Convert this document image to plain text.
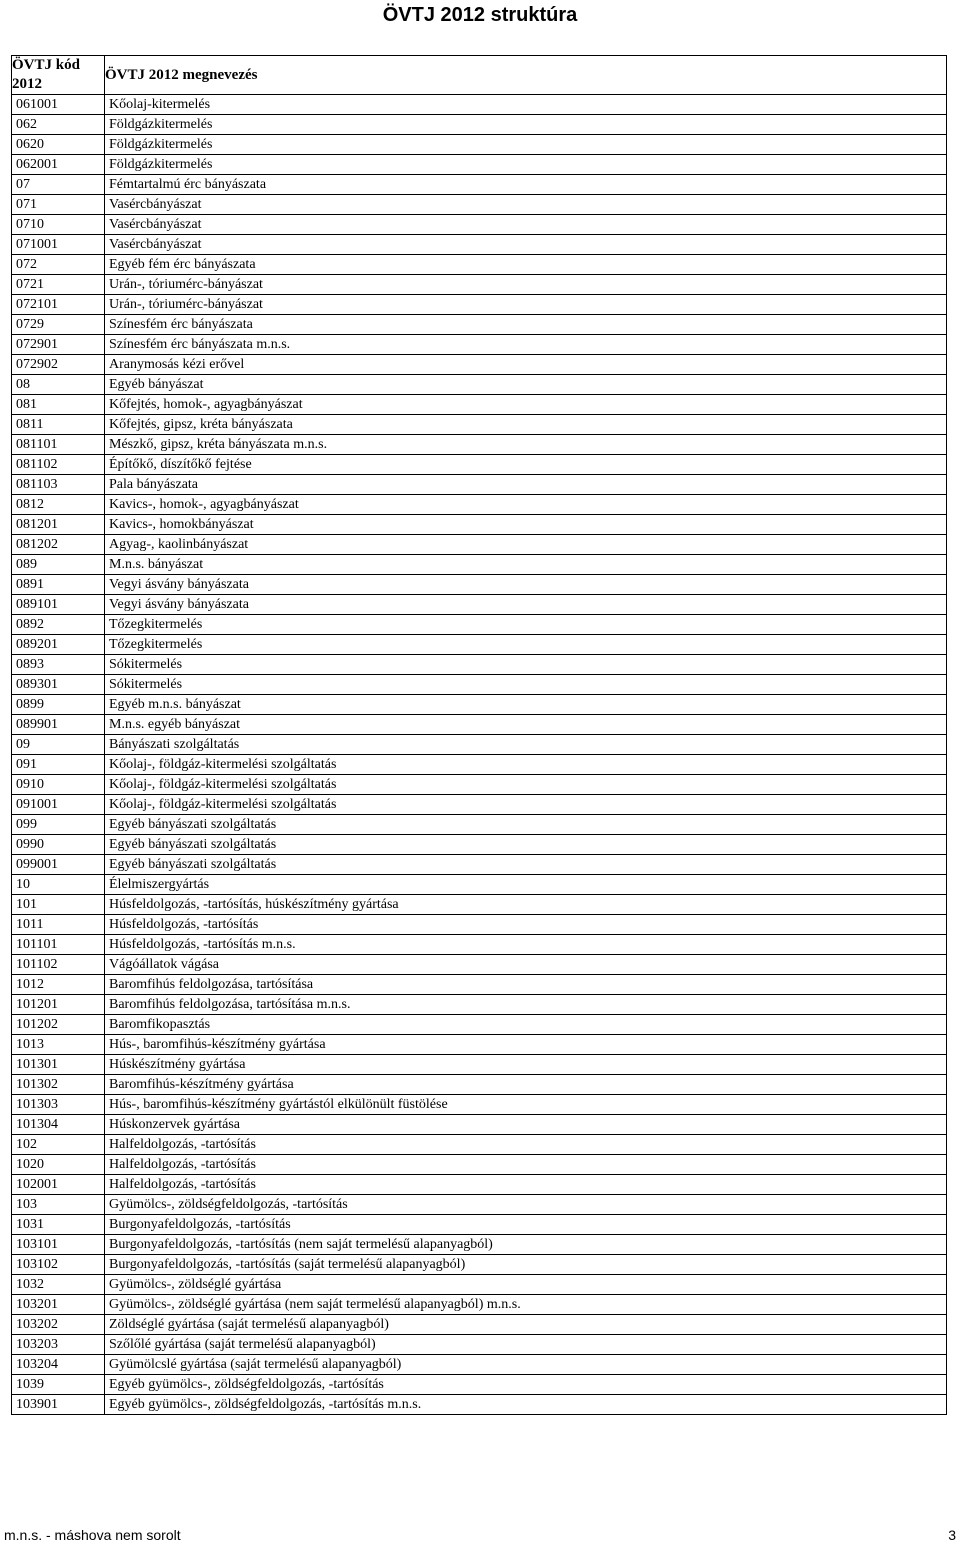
ÖVTJ 2012 struktúra
ÖVTJ kód
2012	ÖVTJ 2012 megnevezés
061001	Kőolaj-kitermelés
062	Földgázkitermelés
0620	Földgázkitermelés
062001	Földgázkitermelés
07	Fémtartalmú érc bányászata
071	Vasércbányászat
0710	Vasércbányászat
071001	Vasércbányászat
072	Egyéb fém érc bányászata
0721	Urán-, tóriumérc-bányászat
072101	Urán-, tóriumérc-bányászat
0729	Színesfém érc bányászata
072901	Színesfém érc bányászata m.n.s.
072902	Aranymosás kézi erővel
08	Egyéb bányászat
081	Kőfejtés, homok-, agyagbányászat
0811	Kőfejtés, gipsz, kréta bányászata
081101	Mészkő, gipsz, kréta bányászata m.n.s.
081102	Építőkő, díszítőkő fejtése
081103	Pala bányászata
0812	Kavics-, homok-, agyagbányászat
081201	Kavics-, homokbányászat
081202	Agyag-, kaolinbányászat
089	M.n.s. bányászat
0891	Vegyi ásvány bányászata
089101	Vegyi ásvány bányászata
0892	Tőzegkitermelés
089201	Tőzegkitermelés
0893	Sókitermelés
089301	Sókitermelés
0899	Egyéb m.n.s. bányászat
089901	M.n.s. egyéb bányászat
09	Bányászati szolgáltatás
091	Kőolaj-, földgáz-kitermelési szolgáltatás
0910	Kőolaj-, földgáz-kitermelési szolgáltatás
091001	Kőolaj-, földgáz-kitermelési szolgáltatás
099	Egyéb bányászati szolgáltatás
0990	Egyéb bányászati szolgáltatás
099001	Egyéb bányászati szolgáltatás
10	Élelmiszergyártás
101	Húsfeldolgozás, -tartósítás, húskészítmény gyártása
1011	Húsfeldolgozás, -tartósítás
101101	Húsfeldolgozás, -tartósítás m.n.s.
101102	Vágóállatok vágása
1012	Baromfihús feldolgozása, tartósítása
101201	Baromfihús feldolgozása, tartósítása m.n.s.
101202	Baromfikopasztás
1013	Hús-, baromfihús-készítmény gyártása
101301	Húskészítmény gyártása
101302	Baromfihús-készítmény gyártása
101303	Hús-, baromfihús-készítmény gyártástól elkülönült füstölése
101304	Húskonzervek gyártása
102	Halfeldolgozás, -tartósítás
1020	Halfeldolgozás, -tartósítás
102001	Halfeldolgozás, -tartósítás
103	Gyümölcs-, zöldségfeldolgozás, -tartósítás
1031	Burgonyafeldolgozás, -tartósítás
103101	Burgonyafeldolgozás, -tartósítás (nem saját termelésű alapanyagból)
103102	Burgonyafeldolgozás, -tartósítás (saját termelésű alapanyagból)
1032	Gyümölcs-, zöldséglé gyártása
103201	Gyümölcs-, zöldséglé gyártása (nem saját termelésű alapanyagból) m.n.s.
103202	Zöldséglé gyártása (saját termelésű alapanyagból)
103203	Szőlőlé gyártása (saját termelésű alapanyagból)
103204	Gyümölcslé gyártása (saját termelésű alapanyagból)
1039	Egyéb gyümölcs-, zöldségfeldolgozás, -tartósítás
103901	Egyéb gyümölcs-, zöldségfeldolgozás, -tartósítás m.n.s.
m.n.s. - máshova nem sorolt	3
